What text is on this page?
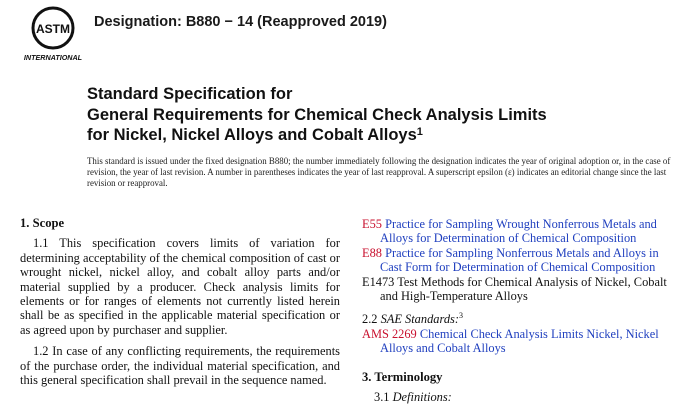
ASTM
INTERNATIONAL
Designation: B880 − 14 (Reapproved 2019)
Standard Specification for
General Requirements for Chemical Check Analysis Limits
for Nickel, Nickel Alloys and Cobalt Alloys$^1$
This standard is issued under the fixed designation B880; the number immediately following the designation indicates the year of original adoption or, in the case of revision, the year of last revision. A number in parentheses indicates the year of last reapproval. A superscript epsilon (ε) indicates an editorial change since the last revision or reapproval.
1. Scope

1.1 This specification covers limits of variation for determining acceptability of the chemical composition of cast or wrought nickel, nickel alloy, and cobalt alloy parts and/or material supplied by a producer. Check analysis limits for elements or for ranges of elements not currently listed herein shall be as specified in the applicable material specification or as agreed upon by purchaser and supplier.

1.2 In case of any conflicting requirements, the requirements of the purchase order, the individual material specification, and this general specification shall prevail in the sequence named.

E55 Practice for Sampling Wrought Nonferrous Metals and Alloys for Determination of Chemical Composition

E88 Practice for Sampling Nonferrous Metals and Alloys in Cast Form for Determination of Chemical Composition

E1473 Test Methods for Chemical Analysis of Nickel, Cobalt and High-Temperature Alloys

2.2 SAE Standards:$^3$

AMS 2269 Chemical Check Analysis Limits Nickel, Nickel Alloys and Cobalt Alloys

3. Terminology

3.1 Definitions:
